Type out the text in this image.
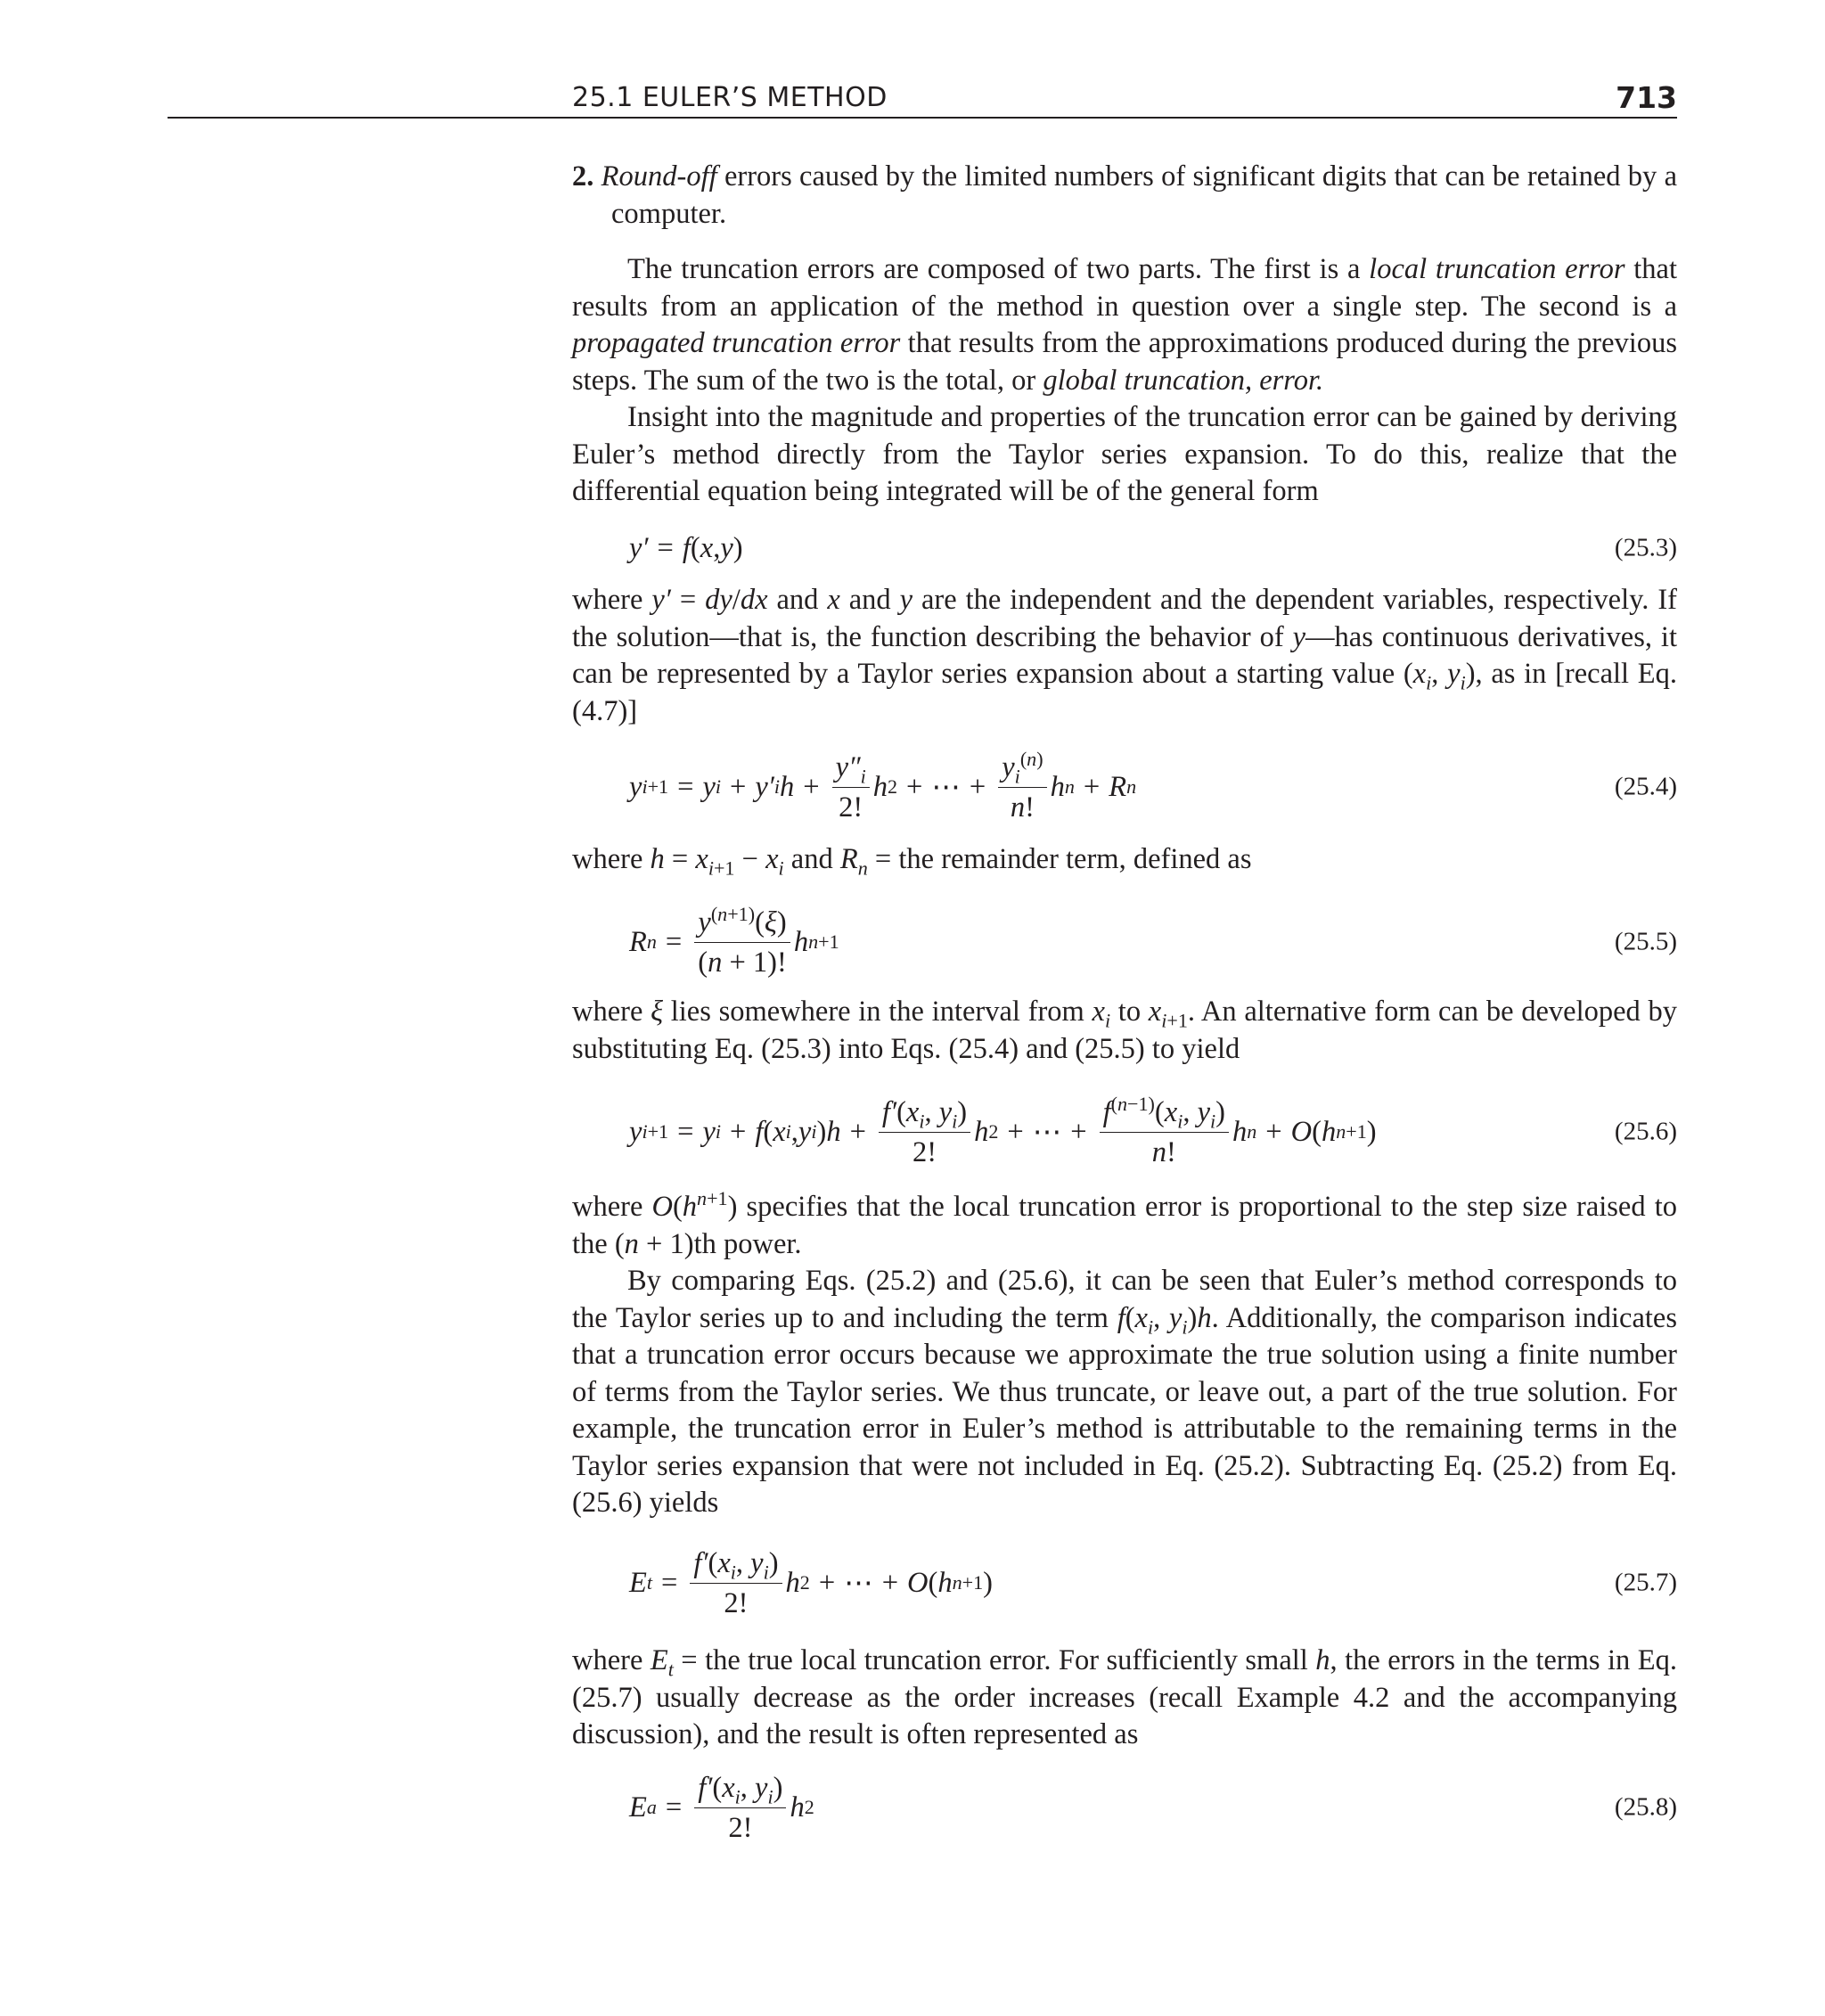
25.1 EULER’S METHOD	713

2. Round-off errors caused by the limited numbers of significant digits that can be retained by a computer.

The truncation errors are composed of two parts. The first is a local truncation error that results from an application of the method in question over a single step. The second is a propagated truncation error that results from the approximations produced during the previous steps. The sum of the two is the total, or global truncation, error.

Insight into the magnitude and properties of the truncation error can be gained by deriving Euler’s method directly from the Taylor series expansion. To do this, realize that the differential equation being integrated will be of the general form

y′ = f ( x , y )	(25.3)

where y′ = dy/dx and x and y are the independent and the dependent variables, respectively. If the solution—that is, the function describing the behavior of y—has continuous derivatives, it can be represented by a Taylor series expansion about a starting value ($x_i$, $y_i$), as in [recall Eq. (4.7)]

y i+1 = y i + y′ i $h + \frac{y''_i}{2!}$ h 2 + ⋯ + $\frac{y_i^{(n)}}{n!}$ h n + R n	(25.4)

where $h = x_{i+1} - x_i$ and $R_n$ = the remainder term, defined as

R $n = \frac{y^{(n+1)}(\xi)}{(n + 1)!}$ h n+1	(25.5)

where ξ lies somewhere in the interval from $x_i$ to $x_{i+1}$. An alternative form can be developed by substituting Eq. (25.3) into Eqs. (25.4) and (25.5) to yield

y i+1 = y i + f ( x i , y i ) $h + \frac{f'(x_i, y_i)}{2!}$ h 2 + ⋯ + $\frac{f^{(n-1)}(x_i, y_i)}{n!}$ h n + O ( h n+1 )	(25.6)

where $O(h^{n+1})$ specifies that the local truncation error is proportional to the step size raised to the (n + 1)th power.

By comparing Eqs. (25.2) and (25.6), it can be seen that Euler’s method corresponds to the Taylor series up to and including the term $f(x_i$, $y_i)h$. Additionally, the comparison indicates that a truncation error occurs because we approximate the true solution using a finite number of terms from the Taylor series. We thus truncate, or leave out, a part of the true solution. For example, the truncation error in Euler’s method is attributable to the remaining terms in the Taylor series expansion that were not included in Eq. (25.2). Subtracting Eq. (25.2) from Eq. (25.6) yields

E $t = \frac{f'(x_i, y_i)}{2!}$ h 2 + ⋯ + O ( h n+1 )	(25.7)

where $E_t$ = the true local truncation error. For sufficiently small h, the errors in the terms in Eq. (25.7) usually decrease as the order increases (recall Example 4.2 and the accompanying discussion), and the result is often represented as

E $a = \frac{f'(x_i, y_i)}{2!}$ h 2	(25.8)
